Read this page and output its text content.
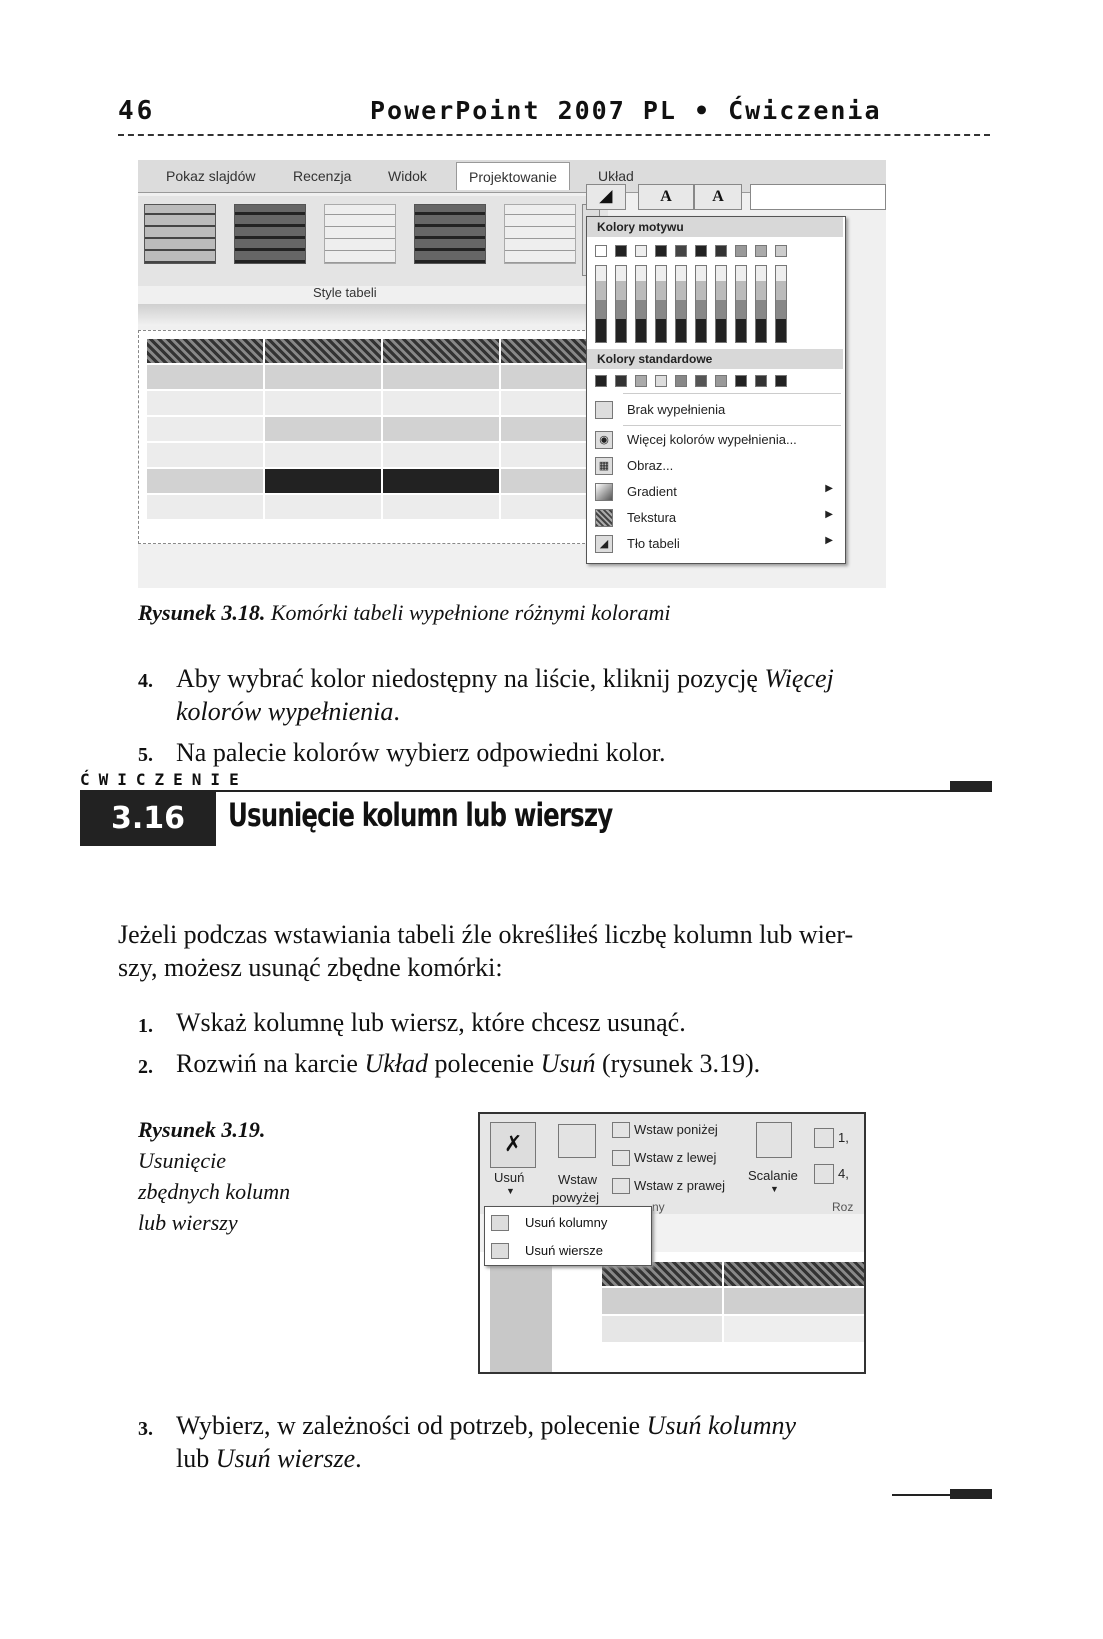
46	PowerPoint 2007 PL • Ćwiczenia
Pokaz slajdów	Recenzja	Widok	Projektowanie	Układ
Style tabeli
◢	A	A
Kolory motywu
Kolory standardowe
Brak wypełnienia
◉	Więcej kolorów wypełnienia...
▦ Obraz...
Gradient	▶
Tekstura	▶
◢	Tło tabeli	▶
Rysunek 3.18. Komórki tabeli wypełnione różnymi kolorami
4. Aby wybrać kolor niedostępny na liście, kliknij pozycję Więcej
kolorów wypełnienia.
5. Na palecie kolorów wybierz odpowiedni kolor.
ĆWICZENIE
3.16	Usunięcie kolumn lub wierszy
Jeżeli podczas wstawiania tabeli źle określiłeś liczbę kolumn lub wier-
szy, możesz usunąć zbędne komórki:
1. Wskaż kolumnę lub wiersz, które chcesz usunąć.
2. Rozwiń na karcie Układ polecenie Usuń (rysunek 3.19).
Rysunek 3.19.
Usunięcie
zbędnych kolumn
lub wierszy
✗
Usuń
▼
Wstaw
powyżej
Wstaw poniżej
Wstaw z lewej
Wstaw z prawej
Scalanie
▼
1,
4,
Roz
ny
Usuń kolumny
Usuń wiersze
3. Wybierz, w zależności od potrzeb, polecenie Usuń kolumny
lub Usuń wiersze.
